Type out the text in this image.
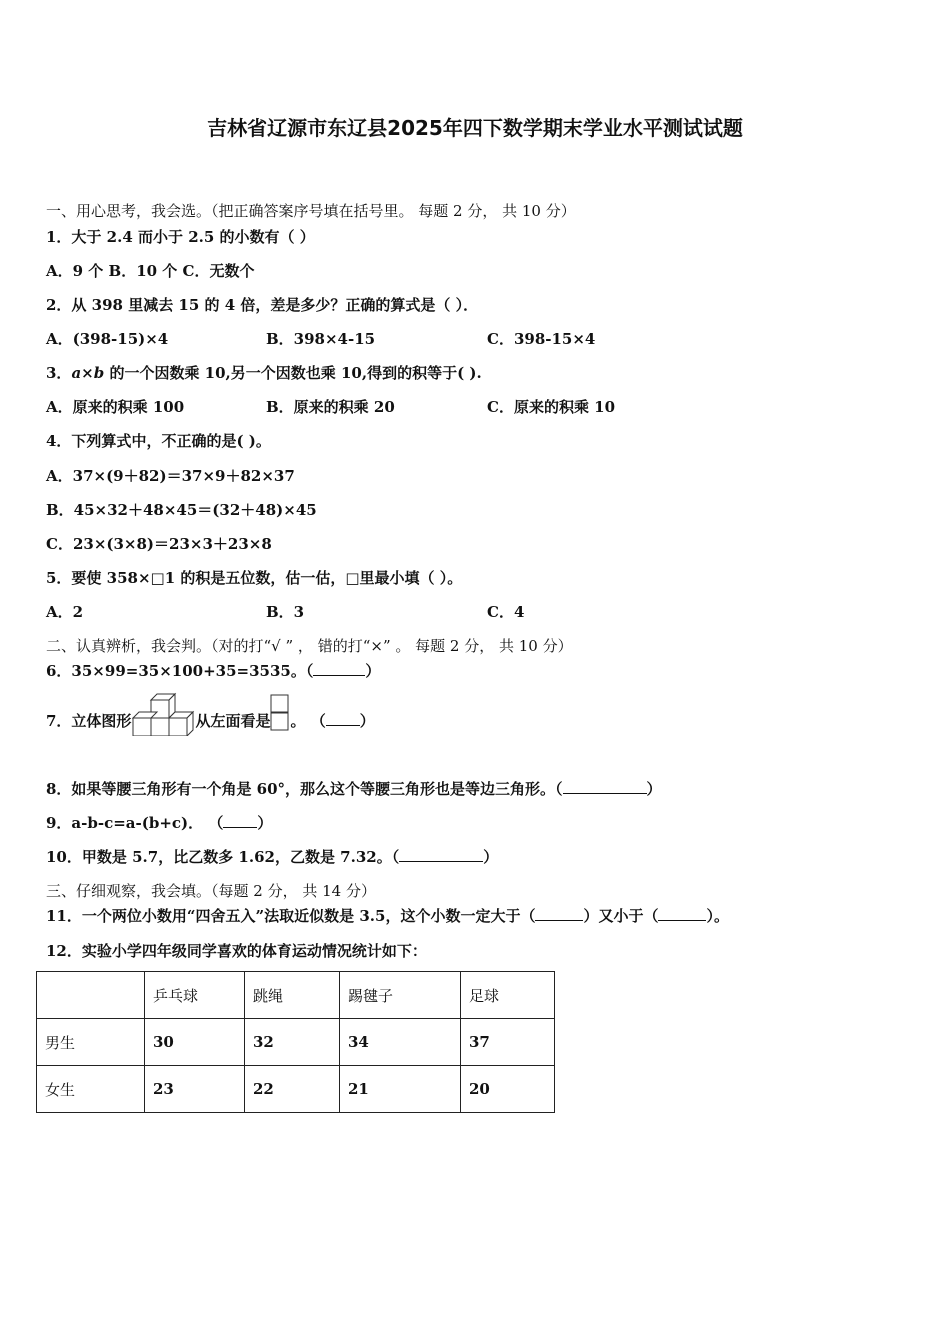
吉林省辽源市东辽县2025年四下数学期末学业水平测试试题
一、用心思考，我会选。（把正确答案序号填在括号里。 每题 2 分， 共 10 分）
1．大于 2.4 而小于 2.5 的小数有（ ）
A．9 个 B．10 个 C．无数个
2．从 398 里减去 15 的 4 倍，差是多少？正确的算式是（ ）．
A．(398-15)×4	B．398×4-15	C．398-15×4
3．a×b 的一个因数乘 10,另一个因数也乘 10,得到的积等于( ).
A．原来的积乘 100	B．原来的积乘 20	C．原来的积乘 10
4．下列算式中，不正确的是( )。
A．37×(9＋82)＝37×9＋82×37
B．45×32＋48×45＝(32＋48)×45
C．23×(3×8)＝23×3＋23×8
5．要使 358×□1 的积是五位数，估一估，□里最小填（ ）。
A．2	B．3	C．4
二、认真辨析，我会判。（对的打“√ ” ， 错的打“×” 。 每题 2 分， 共 10 分）
6．35×99=35×100+35=3535。（	）
7．立体图形	从左面看是 。 （ ）
8．如果等腰三角形有一个角是 60°，那么这个等腰三角形也是等边三角形。（	）
9．a-b-c=a-(b+c)． （ ）
10．甲数是 5.7，比乙数多 1.62，乙数是 7.32。（	）
三、仔细观察，我会填。（每题 2 分， 共 14 分）
11．一个两位小数用“四舍五入”法取近似数是 3.5，这个小数一定大于（	）又小于（	）。
12．实验小学四年级同学喜欢的体育运动情况统计如下：
	乒乓球	跳绳	踢毽子	足球
男生	30	32	34	37
女生	23	22	21	20
